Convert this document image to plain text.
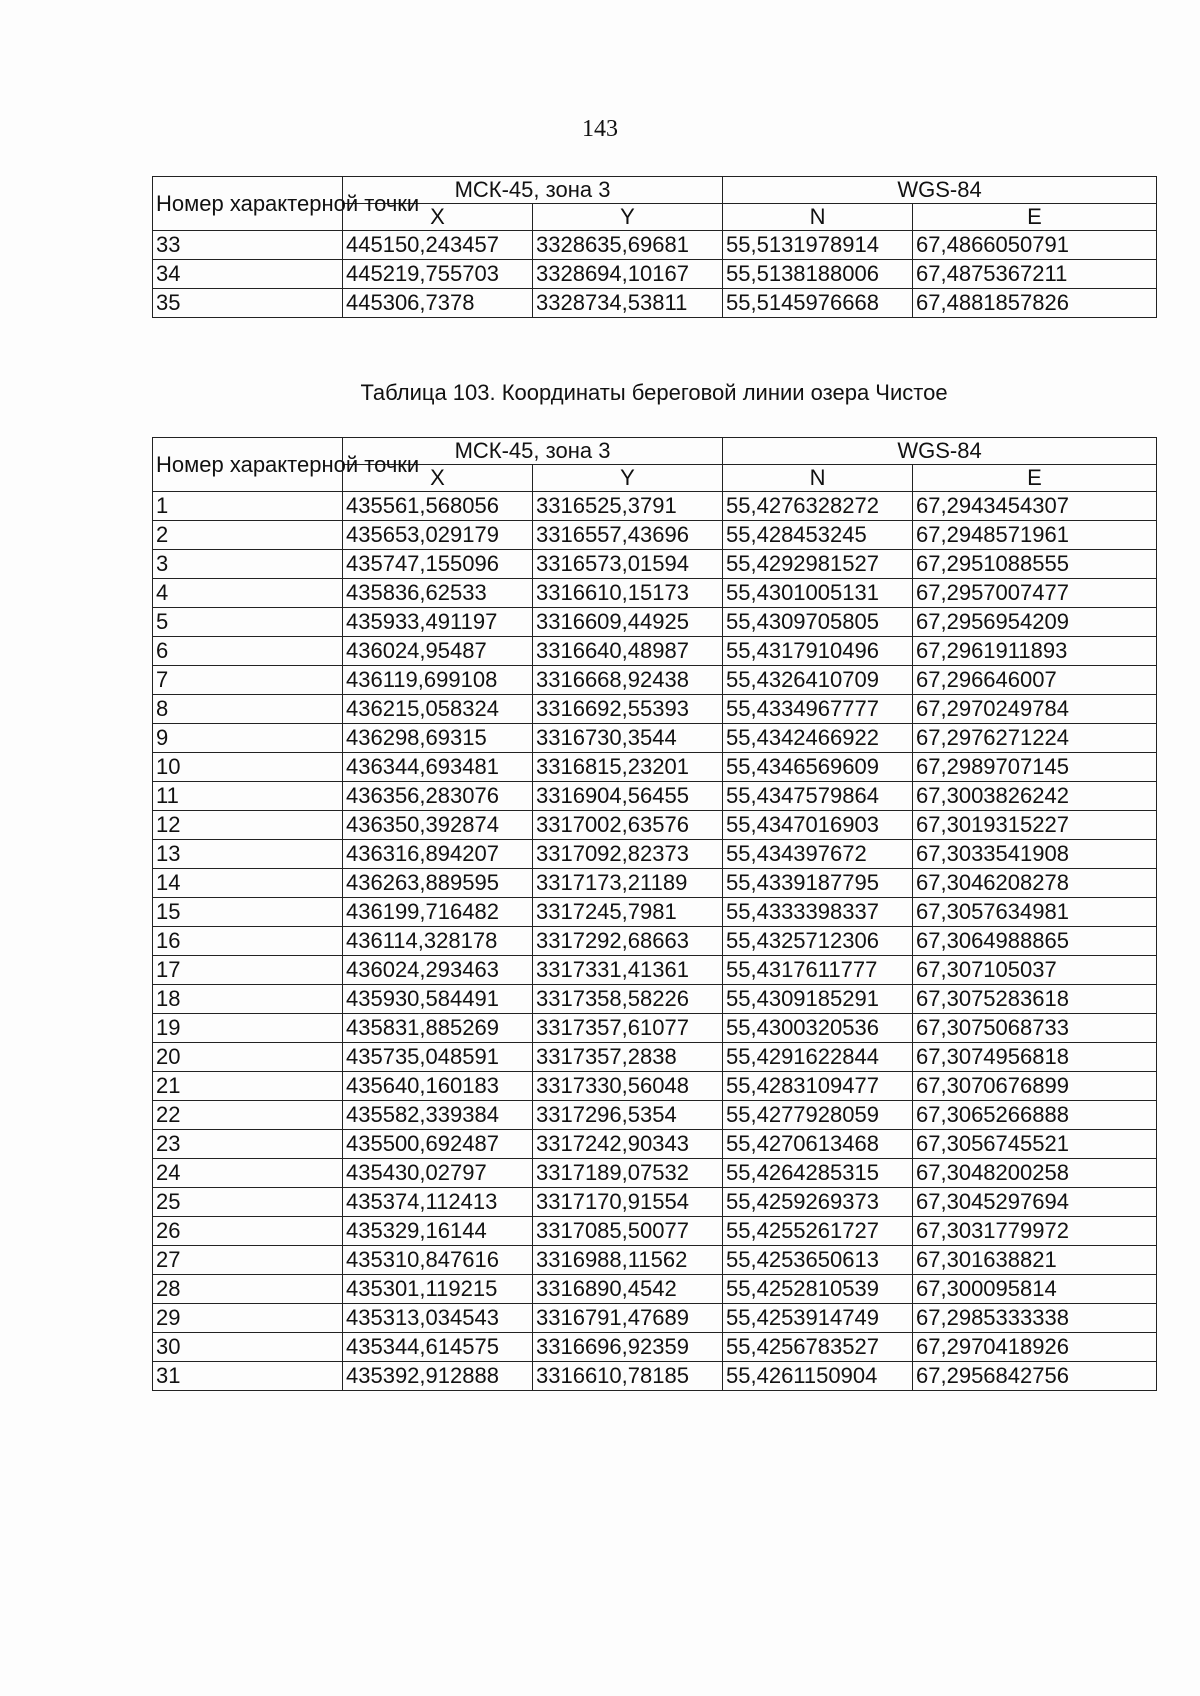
143
Номер характерной точки	МСК-45, зона 3		WGS-84	
	X	Y	N	E
33	445150,243457	3328635,69681	55,5131978914	67,4866050791
34	445219,755703	3328694,10167	55,5138188006	67,4875367211
35	445306,7378	3328734,53811	55,5145976668	67,4881857826
Таблица 103. Координаты береговой линии озера Чистое
Номер характерной точки	МСК-45, зона 3		WGS-84	
	X	Y	N	E
1	435561,568056	3316525,3791	55,4276328272	67,2943454307
2	435653,029179	3316557,43696	55,428453245	67,2948571961
3	435747,155096	3316573,01594	55,4292981527	67,2951088555
4	435836,62533	3316610,15173	55,4301005131	67,2957007477
5	435933,491197	3316609,44925	55,4309705805	67,2956954209
6	436024,95487	3316640,48987	55,4317910496	67,2961911893
7	436119,699108	3316668,92438	55,4326410709	67,296646007
8	436215,058324	3316692,55393	55,4334967777	67,2970249784
9	436298,69315	3316730,3544	55,4342466922	67,2976271224
10	436344,693481	3316815,23201	55,4346569609	67,2989707145
11	436356,283076	3316904,56455	55,4347579864	67,3003826242
12	436350,392874	3317002,63576	55,4347016903	67,3019315227
13	436316,894207	3317092,82373	55,434397672	67,3033541908
14	436263,889595	3317173,21189	55,4339187795	67,3046208278
15	436199,716482	3317245,7981	55,4333398337	67,3057634981
16	436114,328178	3317292,68663	55,4325712306	67,3064988865
17	436024,293463	3317331,41361	55,4317611777	67,307105037
18	435930,584491	3317358,58226	55,4309185291	67,3075283618
19	435831,885269	3317357,61077	55,4300320536	67,3075068733
20	435735,048591	3317357,2838	55,4291622844	67,3074956818
21	435640,160183	3317330,56048	55,4283109477	67,3070676899
22	435582,339384	3317296,5354	55,4277928059	67,3065266888
23	435500,692487	3317242,90343	55,4270613468	67,3056745521
24	435430,02797	3317189,07532	55,4264285315	67,3048200258
25	435374,112413	3317170,91554	55,4259269373	67,3045297694
26	435329,16144	3317085,50077	55,4255261727	67,3031779972
27	435310,847616	3316988,11562	55,4253650613	67,301638821
28	435301,119215	3316890,4542	55,4252810539	67,300095814
29	435313,034543	3316791,47689	55,4253914749	67,2985333338
30	435344,614575	3316696,92359	55,4256783527	67,2970418926
31	435392,912888	3316610,78185	55,4261150904	67,2956842756
